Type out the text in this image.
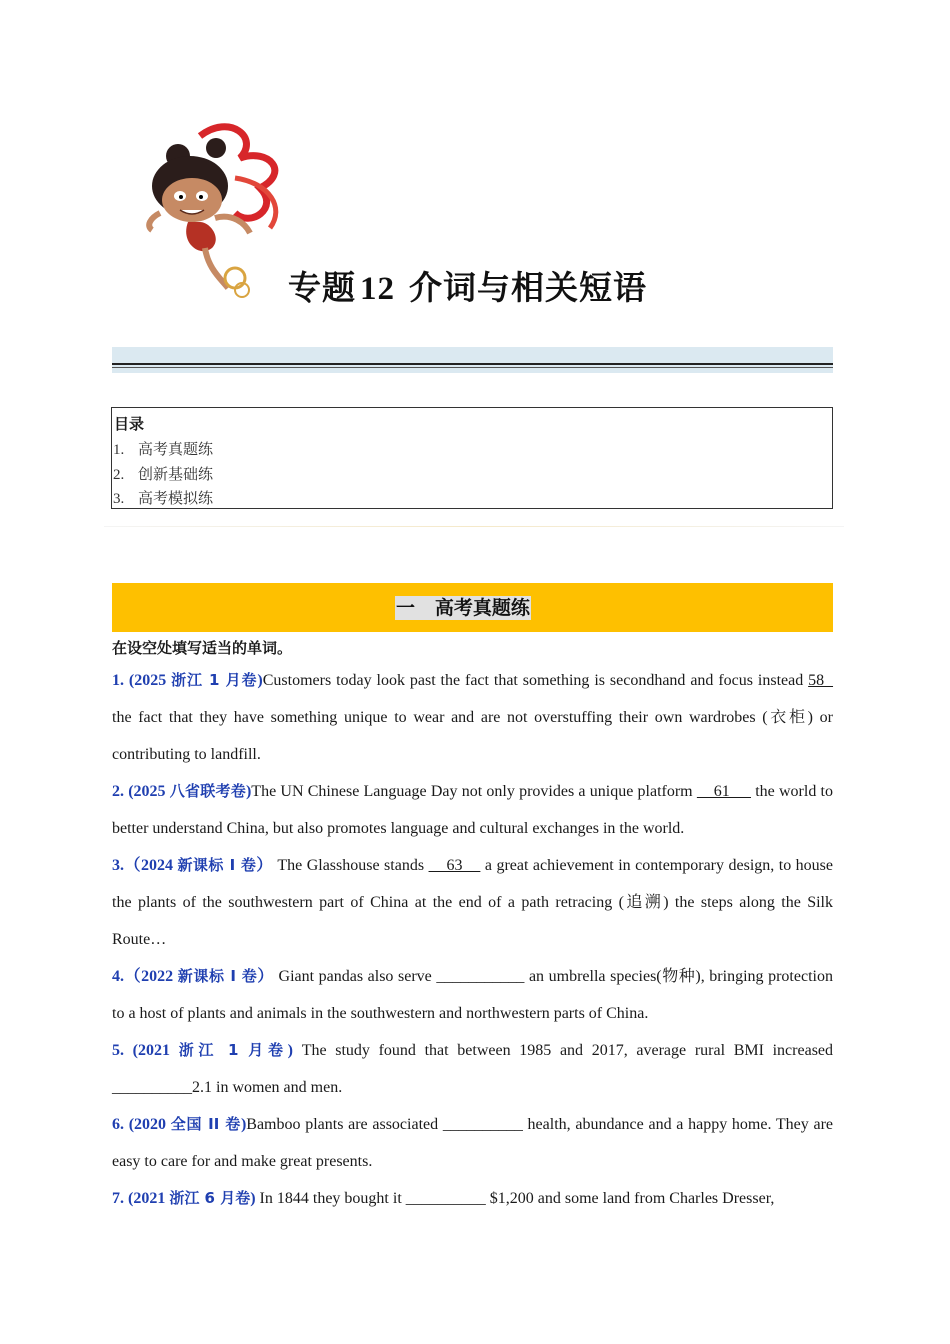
专题 12 介词与相关短语
目录
1. 高考真题练
2. 创新基础练
3. 高考模拟练
一   高考真题练
在设空处填写适当的单词。

1. (2025 浙江 1 月卷)Customers today look past the fact that something is secondhand and focus instead 58   the fact that they have something unique to wear and are not overstuffing their own wardrobes (衣柜) or contributing to landfill.

2. (2025 八省联考卷)The UN Chinese Language Day not only provides a unique platform     61      the world to better understand China, but also promotes language and cultural exchanges in the world.

3.（2024 新课标 I 卷） The Glasshouse stands     63     a great achievement in contemporary design, to house the plants of the southwestern part of China at the end of a path retracing (追溯) the steps along the Silk Route…

4.（2022 新课标 I 卷） Giant pandas also serve ___________ an umbrella species(物种), bringing protection to a host of plants and animals in the southwestern and northwestern parts of China.

5. (2021 浙江 1 月卷) The study found that between 1985 and 2017, average rural BMI increased __________2.1 in women and men.

6. (2020 全国 II 卷)Bamboo plants are associated __________ health, abundance and a happy home. They are easy to care for and make great presents.

7. (2021 浙江 6 月卷) In 1844 they bought it __________ $1,200 and some land from Charles Dresser,
